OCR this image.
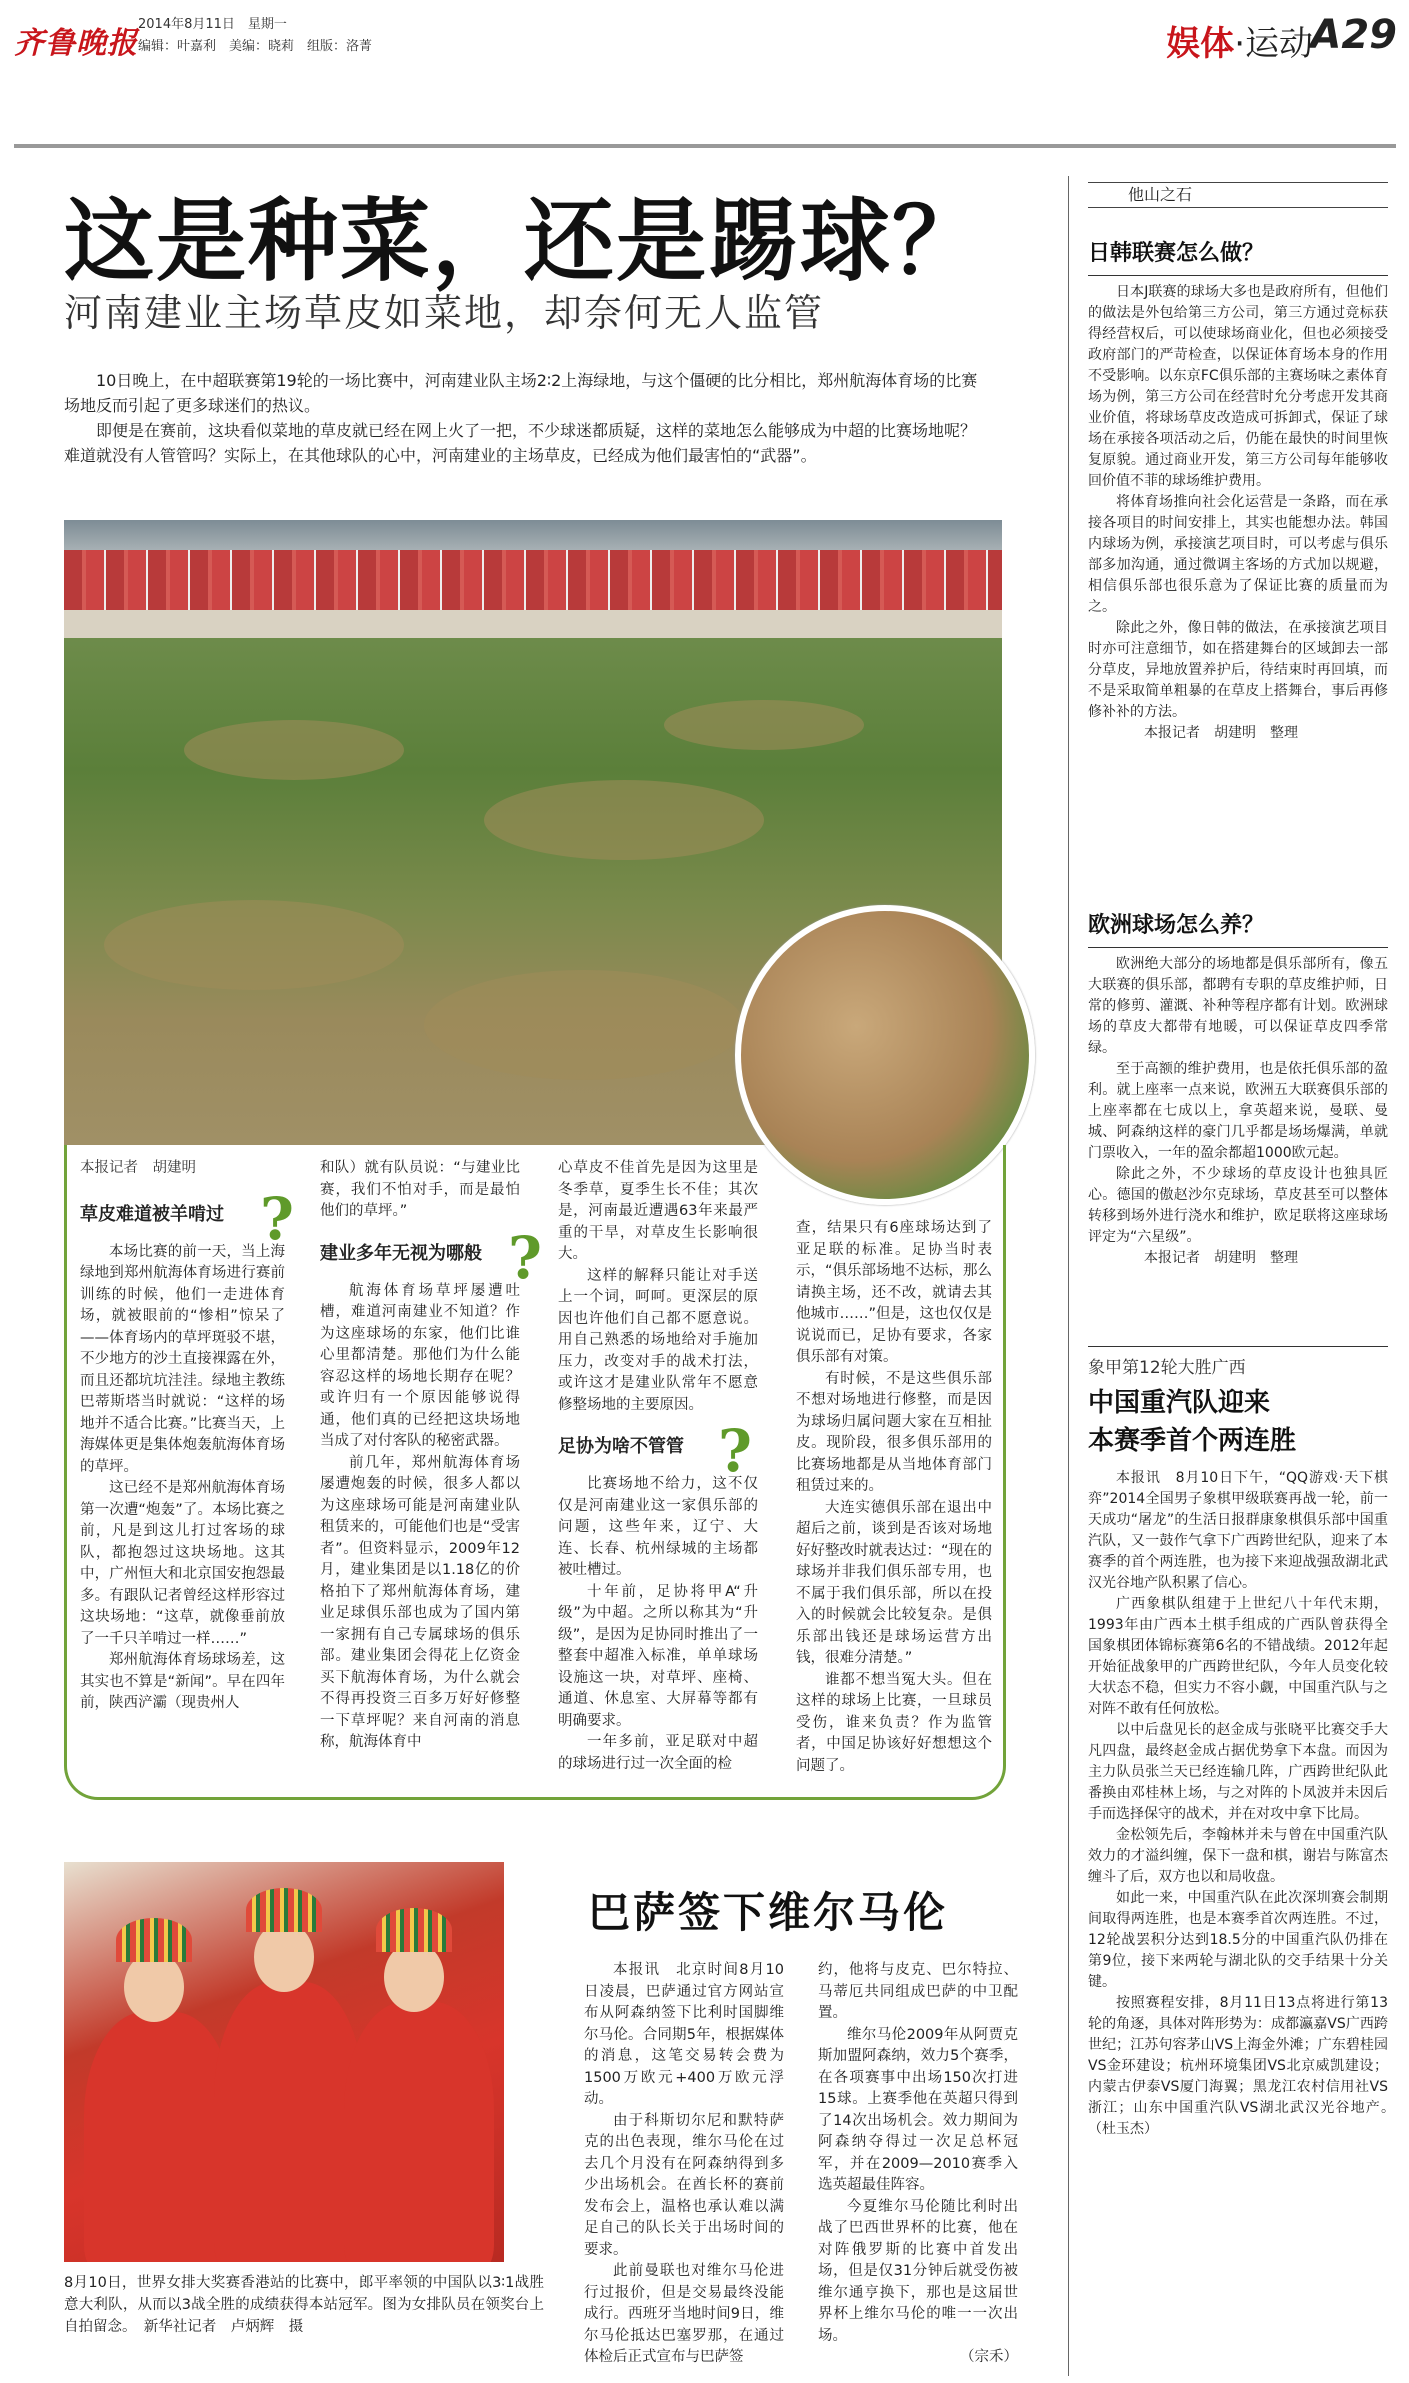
齐鲁晚报
2014年8月11日　星期一
编辑：叶嘉利　美编：晓莉　组版：洛菁	娱体·运动
A29
这是种菜，还是踢球？
河南建业主场草皮如菜地，却奈何无人监管

10日晚上，在中超联赛第19轮的一场比赛中，河南建业队主场2∶2上海绿地，与这个僵硬的比分相比，郑州航海体育场的比赛场地反而引起了更多球迷们的热议。

即便是在赛前，这块看似菜地的草皮就已经在网上火了一把，不少球迷都质疑，这样的菜地怎么能够成为中超的比赛场地呢？难道就没有人管管吗？实际上，在其他球队的心中，河南建业的主场草皮，已经成为他们最害怕的“武器”。

本报记者　胡建明
草皮难道被羊啃过 ?

本场比赛的前一天，当上海绿地到郑州航海体育场进行赛前训练的时候，他们一走进体育场，就被眼前的“惨相”惊呆了——体育场内的草坪斑驳不堪，不少地方的沙土直接裸露在外，而且还都坑坑洼洼。绿地主教练巴蒂斯塔当时就说：“这样的场地并不适合比赛。”比赛当天，上海媒体更是集体炮轰航海体育场的草坪。

这已经不是郑州航海体育场第一次遭“炮轰”了。本场比赛之前，凡是到这儿打过客场的球队，都抱怨过这块场地。这其中，广州恒大和北京国安抱怨最多。有跟队记者曾经这样形容过这块场地：“这草，就像垂前放了一千只羊啃过一样……”

郑州航海体育场球场差，这其实也不算是“新闻”。早在四年前，陕西浐灞（现贵州人

和队）就有队员说：“与建业比赛，我们不怕对手，而是最怕他们的草坪。”

建业多年无视为哪般 ?

航海体育场草坪屡遭吐槽，难道河南建业不知道？作为这座球场的东家，他们比谁心里都清楚。那他们为什么能容忍这样的场地长期存在呢？或许归有一个原因能够说得通，他们真的已经把这块场地当成了对付客队的秘密武器。

前几年，郑州航海体育场屡遭炮轰的时候，很多人都以为这座球场可能是河南建业队租赁来的，可能他们也是“受害者”。但资料显示，2009年12月，建业集团是以1.18亿的价格拍下了郑州航海体育场，建业足球俱乐部也成为了国内第一家拥有自己专属球场的俱乐部。建业集团会得花上亿资金买下航海体育场，为什么就会不得再投资三百多万好好修整一下草坪呢？来自河南的消息称，航海体育中

心草皮不佳首先是因为这里是冬季草，夏季生长不佳；其次是，河南最近遭遇63年来最严重的干旱，对草皮生长影响很大。

这样的解释只能让对手送上一个词，呵呵。更深层的原因也许他们自己都不愿意说。用自己熟悉的场地给对手施加压力，改变对手的战术打法，或许这才是建业队常年不愿意修整场地的主要原因。

足协为啥不管管 ?

比赛场地不给力，这不仅仅是河南建业这一家俱乐部的问题，这些年来，辽宁、大连、长春、杭州绿城的主场都被吐槽过。

十年前，足协将甲A“升级”为中超。之所以称其为“升级”，是因为足协同时推出了一整套中超准入标准，单单球场设施这一块，对草坪、座椅、通道、休息室、大屏幕等都有明确要求。

一年多前，亚足联对中超的球场进行过一次全面的检

查，结果只有6座球场达到了亚足联的标准。足协当时表示，“俱乐部场地不达标，那么请换主场，还不改，就请去其他城市……”但是，这也仅仅是说说而已，足协有要求，各家俱乐部有对策。

有时候，不是这些俱乐部不想对场地进行修整，而是因为球场归属问题大家在互相扯皮。现阶段，很多俱乐部用的比赛场地都是从当地体育部门租赁过来的。

大连实德俱乐部在退出中超后之前，谈到是否该对场地好好整改时就表达过：“现在的球场并非我们俱乐部专用，也不属于我们俱乐部，所以在投入的时候就会比较复杂。是俱乐部出钱还是球场运营方出钱，很难分清楚。”

谁都不想当冤大头。但在这样的球场上比赛，一旦球员受伤，谁来负责？作为监管者，中国足协该好好想想这个问题了。

他山之石
日韩联赛怎么做？

日本J联赛的球场大多也是政府所有，但他们的做法是外包给第三方公司，第三方通过竞标获得经营权后，可以使球场商业化，但也必须接受政府部门的严苛检查，以保证体育场本身的作用不受影响。以东京FC俱乐部的主赛场味之素体育场为例，第三方公司在经营时允分考虑开发其商业价值，将球场草皮改造成可拆卸式，保证了球场在承接各项活动之后，仍能在最快的时间里恢复原貌。通过商业开发，第三方公司每年能够收回价值不菲的球场维护费用。

将体育场推向社会化运营是一条路，而在承接各项目的时间安排上，其实也能想办法。韩国内球场为例，承接演艺项目时，可以考虑与俱乐部多加沟通，通过微调主客场的方式加以规避，相信俱乐部也很乐意为了保证比赛的质量而为之。

除此之外，像日韩的做法，在承接演艺项目时亦可注意细节，如在搭建舞台的区域卸去一部分草皮，异地放置养护后，待结束时再回填，而不是采取简单粗暴的在草皮上搭舞台，事后再修修补补的方法。

本报记者　胡建明　整理

欧洲球场怎么养？

欧洲绝大部分的场地都是俱乐部所有，像五大联赛的俱乐部，都聘有专职的草皮维护师，日常的修剪、灌溉、补种等程序都有计划。欧洲球场的草皮大都带有地暖，可以保证草皮四季常绿。

至于高额的维护费用，也是依托俱乐部的盈利。就上座率一点来说，欧洲五大联赛俱乐部的上座率都在七成以上，拿英超来说，曼联、曼城、阿森纳这样的豪门几乎都是场场爆满，单就门票收入，一年的盈余都超1000欧元起。

除此之外，不少球场的草皮设计也独具匠心。德国的傲赵沙尔克球场，草皮甚至可以整体转移到场外进行浇水和维护，欧足联将这座球场评定为“六星级”。

本报记者　胡建明　整理

象甲第12轮大胜广西
中国重汽队迎来
本赛季首个两连胜

本报讯　8月10日下午，“QQ游戏·天下棋弈”2014全国男子象棋甲级联赛再战一轮，前一天成功“屠龙”的生活日报群康象棋俱乐部中国重汽队，又一鼓作气拿下广西跨世纪队，迎来了本赛季的首个两连胜，也为接下来迎战强敌湖北武汉光谷地产队积累了信心。

广西象棋队组建于上世纪八十年代末期，1993年由广西本土棋手组成的广西队曾获得全国象棋团体锦标赛第6名的不错战绩。2012年起开始征战象甲的广西跨世纪队，今年人员变化较大状态不稳，但实力不容小觑，中国重汽队与之对阵不敢有任何放松。

以中后盘见长的赵金成与张晓平比赛交手大凡四盘，最终赵金成占据优势拿下本盘。而因为主力队员张兰天已经连输几阵，广西跨世纪队此番换由邓桂林上场，与之对阵的卜凤波并未因后手而选择保守的战术，并在对攻中拿下比局。

金松领先后，李翰林并未与曾在中国重汽队效力的才溢纠缠，保下一盘和棋，谢岩与陈富杰缠斗了后，双方也以和局收盘。

如此一来，中国重汽队在此次深圳赛会制期间取得两连胜，也是本赛季首次两连胜。不过，12轮战罢积分达到18.5分的中国重汽队仍排在第9位，接下来两轮与湖北队的交手结果十分关键。

按照赛程安排，8月11日13点将进行第13轮的角逐，具体对阵形势为：成都瀛嘉VS广西跨世纪；江苏句容茅山VS上海金外滩；广东碧桂园VS金环建设；杭州环境集团VS北京威凯建设；内蒙古伊泰VS厦门海翼；黑龙江农村信用社VS浙江；山东中国重汽队VS湖北武汉光谷地产。　（杜玉杰）

8月10日，世界女排大奖赛香港站的比赛中，郎平率领的中国队以3∶1战胜意大利队，从而以3战全胜的成绩获得本站冠军。图为女排队员在领奖台上自拍留念。　新华社记者　卢炳辉　摄
巴萨签下维尔马伦

本报讯　北京时间8月10日凌晨，巴萨通过官方网站宣布从阿森纳签下比利时国脚维尔马伦。合同期5年，根据媒体的消息，这笔交易转会费为1500万欧元+400万欧元浮动。

由于科斯切尔尼和默特萨克的出色表现，维尔马伦在过去几个月没有在阿森纳得到多少出场机会。在酋长杯的赛前发布会上，温格也承认难以满足自己的队长关于出场时间的要求。

此前曼联也对维尔马伦进行过报价，但是交易最终没能成行。西班牙当地时间9日，维尔马伦抵达巴塞罗那，在通过体检后正式宣布与巴萨签

约，他将与皮克、巴尔特拉、马蒂厄共同组成巴萨的中卫配置。

维尔马伦2009年从阿贾克斯加盟阿森纳，效力5个赛季，在各项赛事中出场150次打进15球。上赛季他在英超只得到了14次出场机会。效力期间为阿森纳夺得过一次足总杯冠军，并在2009—2010赛季入选英超最佳阵容。

今夏维尔马伦随比利时出战了巴西世界杯的比赛，他在对阵俄罗斯的比赛中首发出场，但是仅31分钟后就受伤被维尔通亨换下，那也是这届世界杯上维尔马伦的唯一一次出场。

（宗禾）
